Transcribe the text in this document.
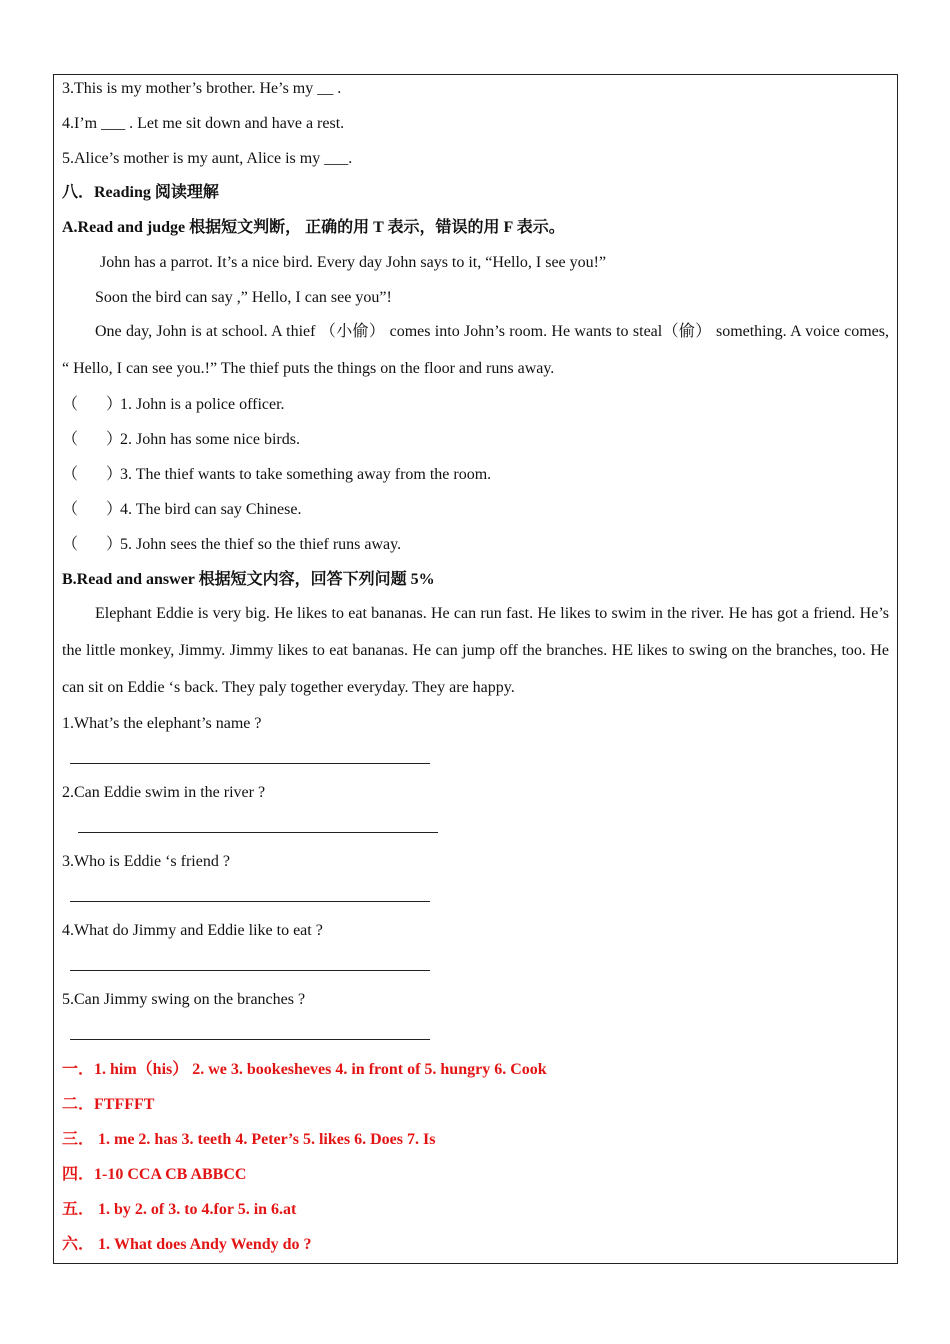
3.This is my mother’s brother. He’s my __ .
4.I’m ___ . Let me sit down and have a rest.
5.Alice’s mother is my aunt, Alice is my ___.
八．Reading 阅读理解
A.Read and judge 根据短文判断， 正确的用 T 表示，错误的用 F 表示。
John has a parrot. It’s a nice bird. Every day John says to it, “Hello, I see you!”
Soon the bird can say ,” Hello, I can see you”!
One day, John is at school. A thief （小偷） comes into John’s room. He wants to steal（偷） something. A voice comes, “ Hello, I can see you.!” The thief puts the things on the floor and runs away.
（ ）1. John is a police officer.
（ ）2. John has some nice birds.
（ ）3. The thief wants to take something away from the room.
（ ）4. The bird can say Chinese.
（ ）5. John sees the thief so the thief runs away.
B.Read and answer 根据短文内容，回答下列问题 5%
Elephant Eddie is very big. He likes to eat bananas. He can run fast. He likes to swim in the river. He has got a friend. He’s the little monkey, Jimmy. Jimmy likes to eat bananas. He can jump off the branches. HE likes to swing on the branches, too. He can sit on Eddie ‘s back. They paly together everyday. They are happy.
1.What’s the elephant’s name ?
2.Can Eddie swim in the river ?
3.Who is Eddie ‘s friend ?
4.What do Jimmy and Eddie like to eat ?
5.Can Jimmy swing on the branches ?
一．1. him（his） 2. we 3. bookesheves 4. in front of 5. hungry 6. Cook
二．FTFFFT
三． 1. me 2. has 3. teeth 4. Peter’s 5. likes 6. Does 7. Is
四．1-10 CCA CB ABBCC
五． 1. by 2. of 3. to 4.for 5. in 6.at
六． 1. What does Andy Wendy do ?
